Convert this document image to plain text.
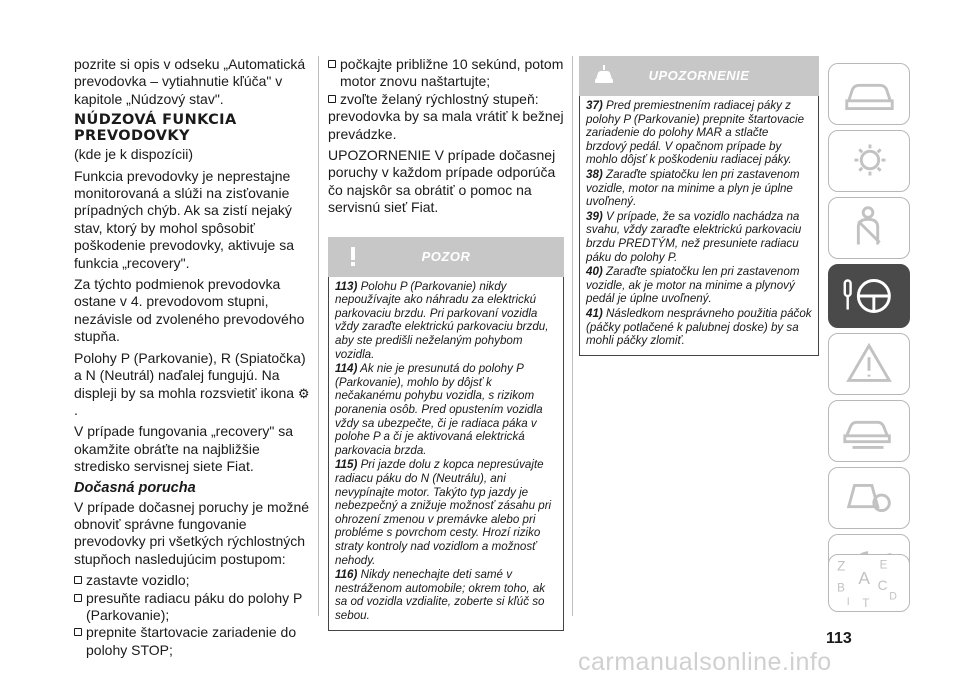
pozrite si opis v odseku „Automatická prevodovka – vytiahnutie kľúča" v kapitole „Núdzový stav".

NÚDZOVÁ FUNKCIA PREVODOVKY

(kde je k dispozícii)

Funkcia prevodovky je neprestajne monitorovaná a slúži na zisťovanie prípadných chýb. Ak sa zistí nejaký stav, ktorý by mohol spôsobiť poškodenie prevodovky, aktivuje sa funkcia „recovery".

Za týchto podmienok prevodovka ostane v 4. prevodovom stupni, nezávisle od zvoleného prevodového stupňa.

Polohy P (Parkovanie), R (Spiatočka) a N (Neutrál) naďalej fungujú. Na displeji by sa mohla rozsvietiť ikona ⚙.

V prípade fungovania „recovery" sa okamžite obráťte na najbližšie stredisko servisnej siete Fiat.

Dočasná porucha

V prípade dočasnej poruchy je možné obnoviť správne fungovanie prevodovky pri všetkých rýchlostných stupňoch nasledujúcim postupom:

zastavte vozidlo;
presuňte radiacu páku do polohy P (Parkovanie);
prepnite štartovacie zariadenie do polohy STOP;
počkajte približne 10 sekúnd, potom motor znovu naštartujte;
zvoľte želaný rýchlostný stupeň:

prevodovka by sa mala vrátiť k bežnej prevádzke.

UPOZORNENIE V prípade dočasnej poruchy v každom prípade odporúča čo najskôr sa obrátiť o pomoc na servisnú sieť Fiat.

POZOR

113) Polohu P (Parkovanie) nikdy nepoužívajte ako náhradu za elektrickú parkovaciu brzdu. Pri parkovaní vozidla vždy zaraďte elektrickú parkovaciu brzdu, aby ste predišli neželaným pohybom vozidla.

114) Ak nie je presunutá do polohy P (Parkovanie), mohlo by dôjsť k nečakanému pohybu vozidla, s rizikom poranenia osôb. Pred opustením vozidla vždy sa ubezpečte, či je radiaca páka v polohe P a či je aktivovaná elektrická parkovacia brzda.

115) Pri jazde dolu z kopca nepresúvajte radiacu páku do N (Neutrálu), ani nevypínajte motor. Takýto typ jazdy je nebezpečný a znižuje možnosť zásahu pri ohrození zmenou v premávke alebo pri probléme s povrchom cesty. Hrozí riziko straty kontroly nad vozidlom a možnosť nehody.

116) Nikdy nenechajte deti samé v nestráženom automobile; okrem toho, ak sa od vozidla vzdialite, zoberte si kľúč so sebou.

UPOZORNENIE

37) Pred premiestnením radiacej páky z polohy P (Parkovanie) prepnite štartovacie zariadenie do polohy MAR a stlačte brzdový pedál. V opačnom prípade by mohlo dôjsť k poškodeniu radiacej páky.

38) Zaraďte spiatočku len pri zastavenom vozidle, motor na minime a plyn je úplne uvoľnený.

39) V prípade, že sa vozidlo nachádza na svahu, vždy zaraďte elektrickú parkovaciu brzdu PREDTÝM, než presuniete radiacu páku do polohy P.

40) Zaraďte spiatočku len pri zastavenom vozidle, ak je motor na minime a plynový pedál je úplne uvoľnený.

41) Následkom nesprávneho použitia páčok (páčky potlačené k palubnej doske) by sa mohli páčky zlomiť.

Z	E
A
B C
D
I T
113
carmanualsonline.info
